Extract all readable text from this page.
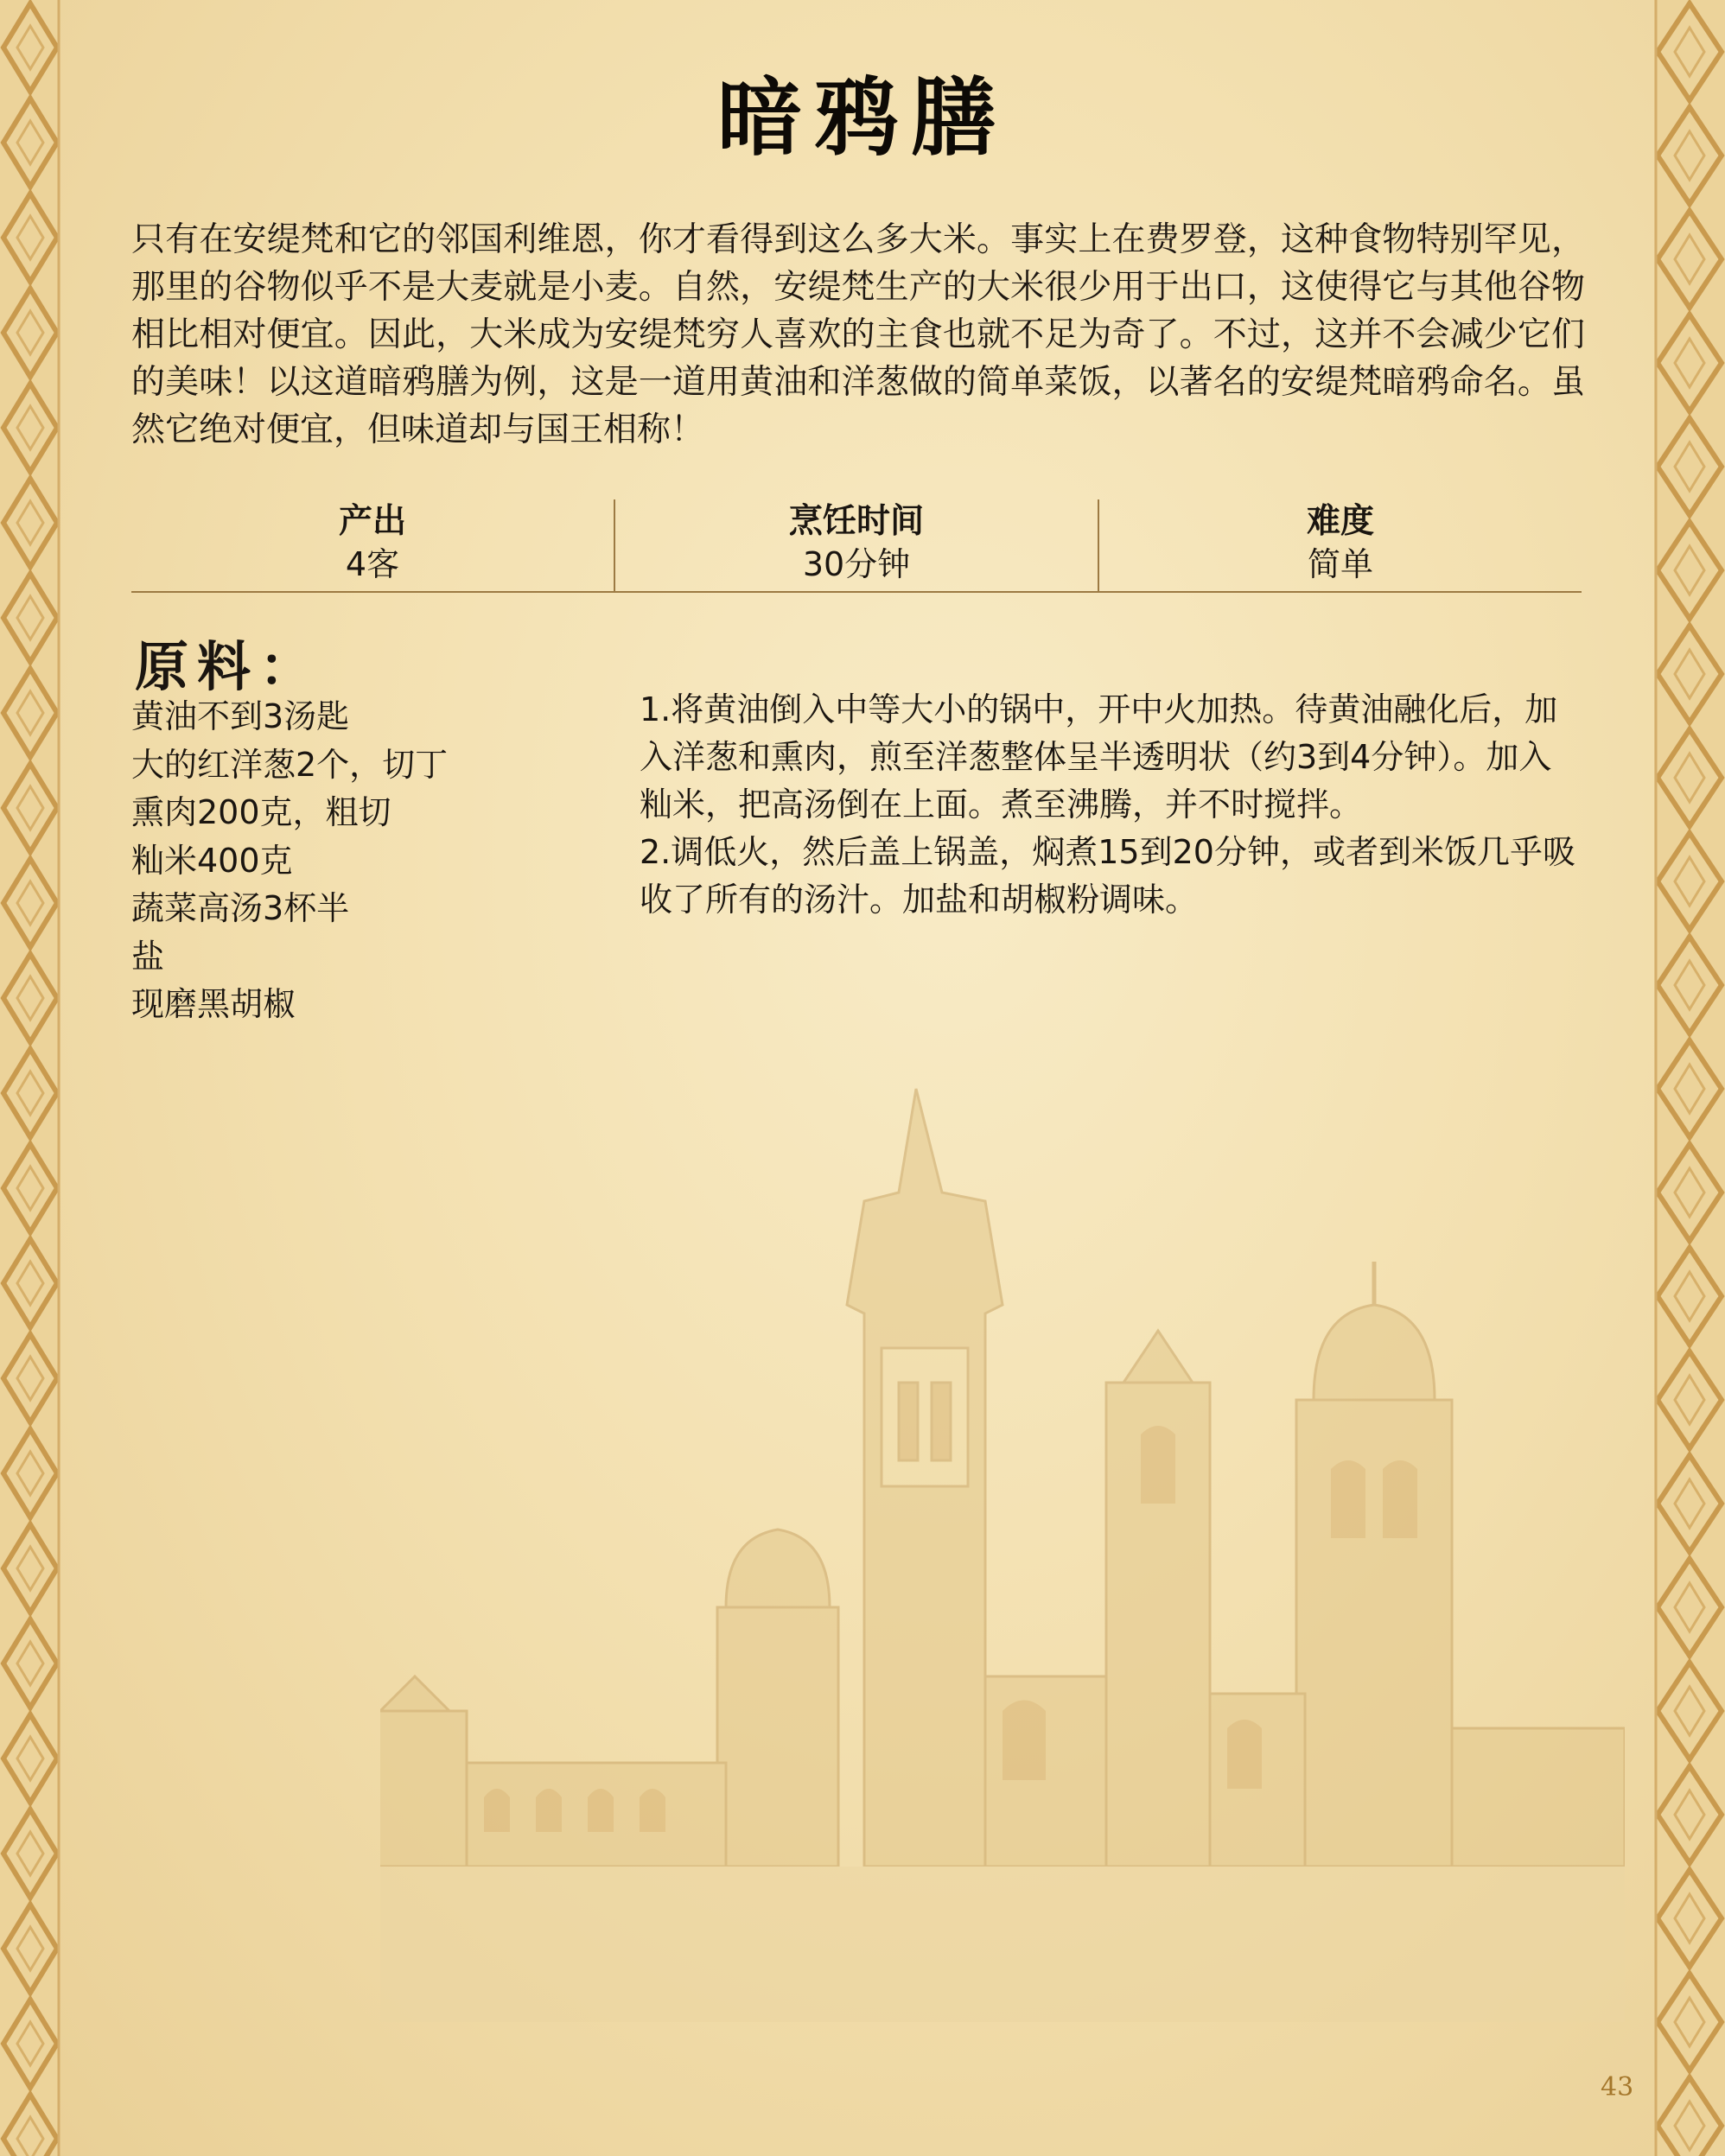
暗鸦膳
只有在安缇梵和它的邻国利维恩，你才看得到这么多大米。事实上在费罗登，这种食物特别罕见，那里的谷物似乎不是大麦就是小麦。自然，安缇梵生产的大米很少用于出口，这使得它与其他谷物相比相对便宜。因此，大米成为安缇梵穷人喜欢的主食也就不足为奇了。不过，这并不会减少它们的美味！以这道暗鸦膳为例，这是一道用黄油和洋葱做的简单菜饭，以著名的安缇梵暗鸦命名。虽然它绝对便宜，但味道却与国王相称！
产出
4客
烹饪时间
30分钟
难度
简单
原料：
黄油不到3汤匙
大的红洋葱2个，切丁
熏肉200克，粗切
籼米400克
蔬菜高汤3杯半
盐
现磨黑胡椒

1.将黄油倒入中等大小的锅中，开中火加热。待黄油融化后，加入洋葱和熏肉，煎至洋葱整体呈半透明状（约3到4分钟）。加入籼米，把高汤倒在上面。煮至沸腾，并不时搅拌。

2.调低火，然后盖上锅盖，焖煮15到20分钟，或者到米饭几乎吸收了所有的汤汁。加盐和胡椒粉调味。

43
